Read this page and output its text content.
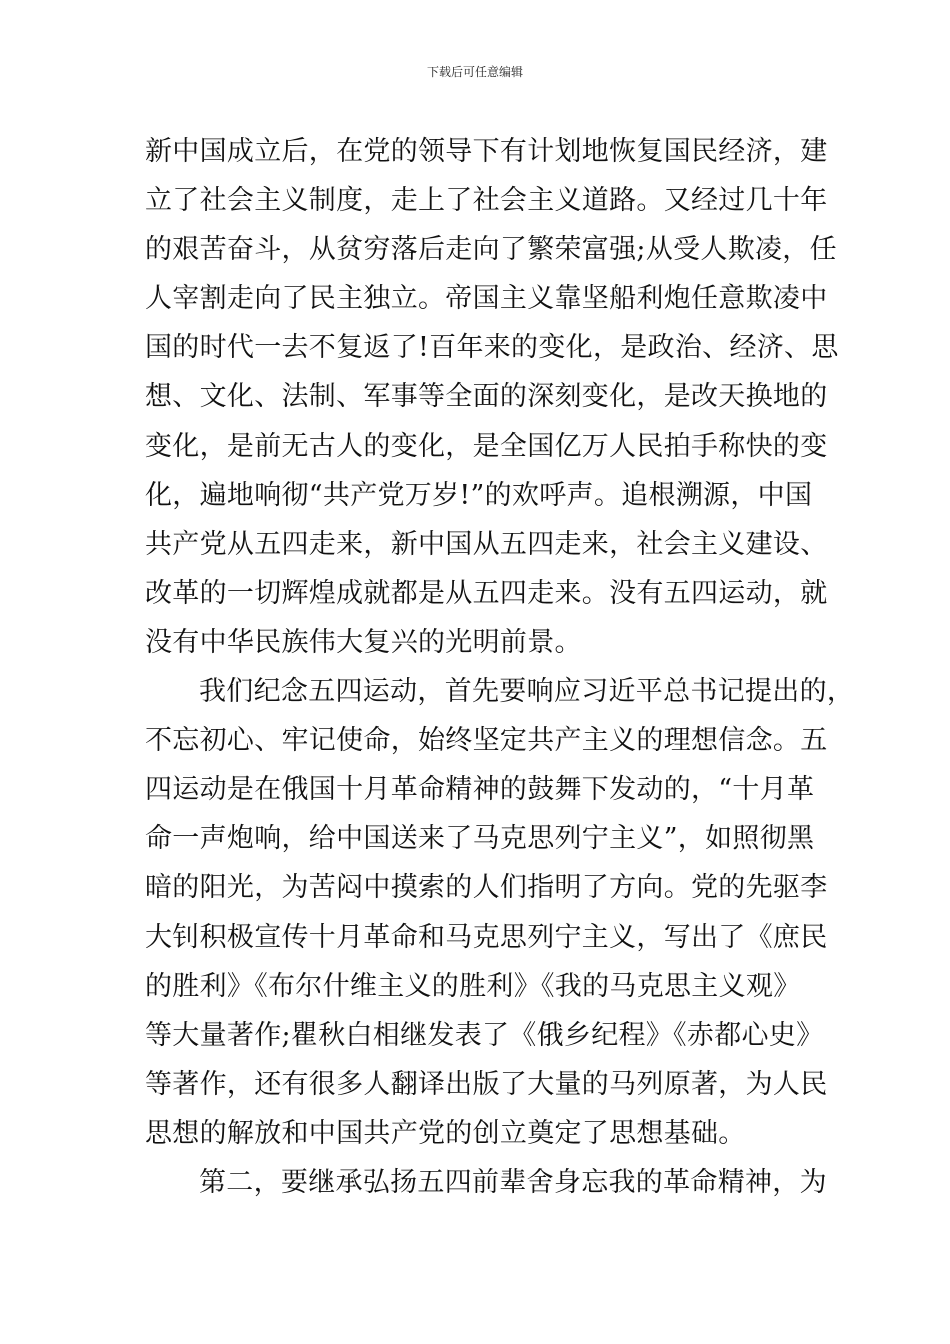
下载后可任意编辑
新中国成立后，在党的领导下有计划地恢复国民经济，建
立了社会主义制度，走上了社会主义道路。又经过几十年
的艰苦奋斗，从贫穷落后走向了繁荣富强;从受人欺凌，任
人宰割走向了民主独立。帝国主义靠坚船利炮任意欺凌中
国的时代一去不复返了!百年来的变化，是政治、经济、思
想、文化、法制、军事等全面的深刻变化，是改天换地的
变化，是前无古人的变化，是全国亿万人民拍手称快的变
化，遍地响彻“共产党万岁!”的欢呼声。追根溯源，中国
共产党从五四走来，新中国从五四走来，社会主义建设、
改革的一切辉煌成就都是从五四走来。没有五四运动，就
没有中华民族伟大复兴的光明前景。
我们纪念五四运动，首先要响应习近平总书记提出的，
不忘初心、牢记使命，始终坚定共产主义的理想信念。五
四运动是在俄国十月革命精神的鼓舞下发动的，“十月革
命一声炮响，给中国送来了马克思列宁主义”，如照彻黑
暗的阳光，为苦闷中摸索的人们指明了方向。党的先驱李
大钊积极宣传十月革命和马克思列宁主义，写出了《庶民
的胜利》《布尔什维主义的胜利》《我的马克思主义观》
等大量著作;瞿秋白相继发表了《俄乡纪程》《赤都心史》
等著作，还有很多人翻译出版了大量的马列原著，为人民
思想的解放和中国共产党的创立奠定了思想基础。
第二，要继承弘扬五四前辈舍身忘我的革命精神，为
